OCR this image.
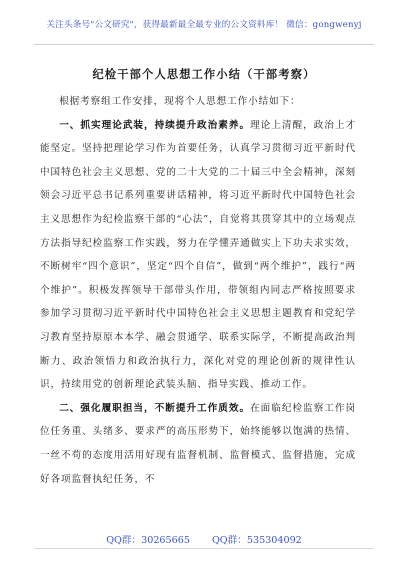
关注头条号"公文研究"，获得最新最全最专业的公文资料库！ 微信：gongwenyj
纪检干部个人思想工作小结（干部考察）

根据考察组工作安排，现将个人思想工作小结如下：

一、抓实理论武装，持续提升政治素养。理论上清醒，政治上才能坚定。坚持把理论学习作为首要任务，认真学习贯彻习近平新时代中国特色社会主义思想、党的二十大党的二十届三中全会精神，深刻领会习近平总书记系列重要讲话精神，将习近平新时代中国特色社会主义思想作为纪检监察干部的“心法”，自觉将其贯穿其中的立场观点方法指导纪检监察工作实践，努力在学懂弄通做实上下功夫求实效，不断树牢“四个意识”，坚定“四个自信”，做到“两个维护”，践行“两个维护”。积极发挥领导干部带头作用，带领组内同志严格按照要求参加学习贯彻习近平新时代中国特色社会主义思想主题教育和党纪学习教育坚持原原本本学、融会贯通学、联系实际学，不断提高政治判断力、政治领悟力和政治执行力，深化对党的理论创新的规律性认识，持续用党的创新理论武装头脑、指导实践、推动工作。

二、强化履职担当，不断提升工作质效。在面临纪检监察工作岗位任务重、头绪多、要求严的高压形势下，始终能够以饱满的热情、一丝不苟的态度用活用好现有监督机制、监督模式、监督措施，完成好各项监督执纪任务，不

QQ群：30265665 QQ群：535304092
